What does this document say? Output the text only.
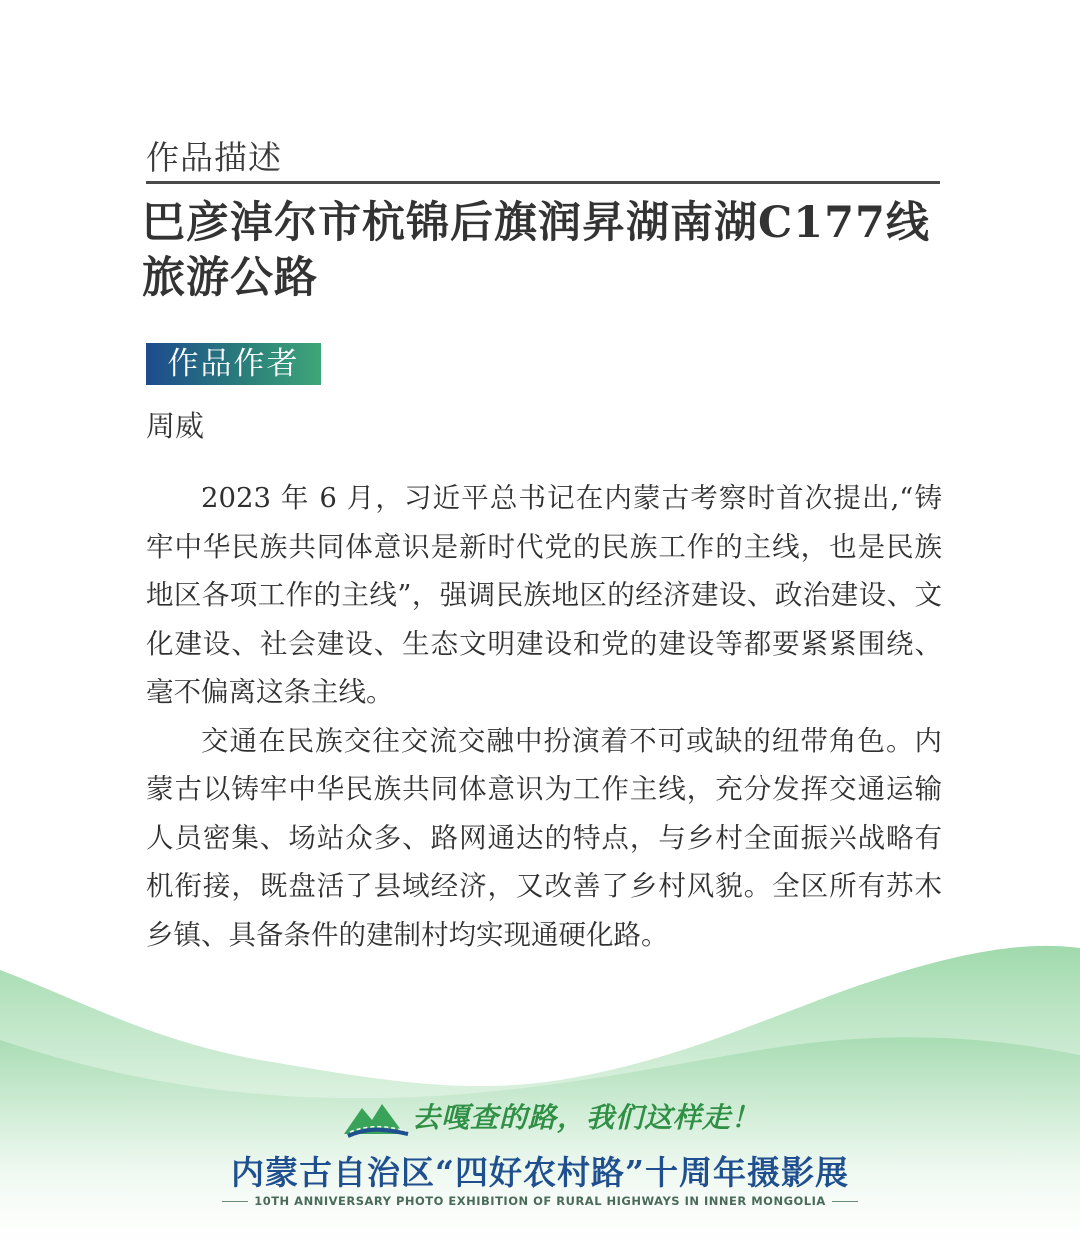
作品描述
巴彦淖尔市杭锦后旗润昇湖南湖C177线
旅游公路
作品作者
周威

2023 年 6 月，习近平总书记在内蒙古考察时首次提出,“铸牢中华民族共同体意识是新时代党的民族工作的主线，也是民族地区各项工作的主线”，强调民族地区的经济建设、政治建设、文化建设、社会建设、生态文明建设和党的建设等都要紧紧围绕、毫不偏离这条主线。

交通在民族交往交流交融中扮演着不可或缺的纽带角色。内蒙古以铸牢中华民族共同体意识为工作主线，充分发挥交通运输人员密集、场站众多、路网通达的特点，与乡村全面振兴战略有机衔接，既盘活了县域经济，又改善了乡村风貌。全区所有苏木乡镇、具备条件的建制村均实现通硬化路。

去嘎查的路，我们这样走！
内蒙古自治区“四好农村路”十周年摄影展
10TH ANNIVERSARY PHOTO EXHIBITION OF RURAL HIGHWAYS IN INNER MONGOLIA
